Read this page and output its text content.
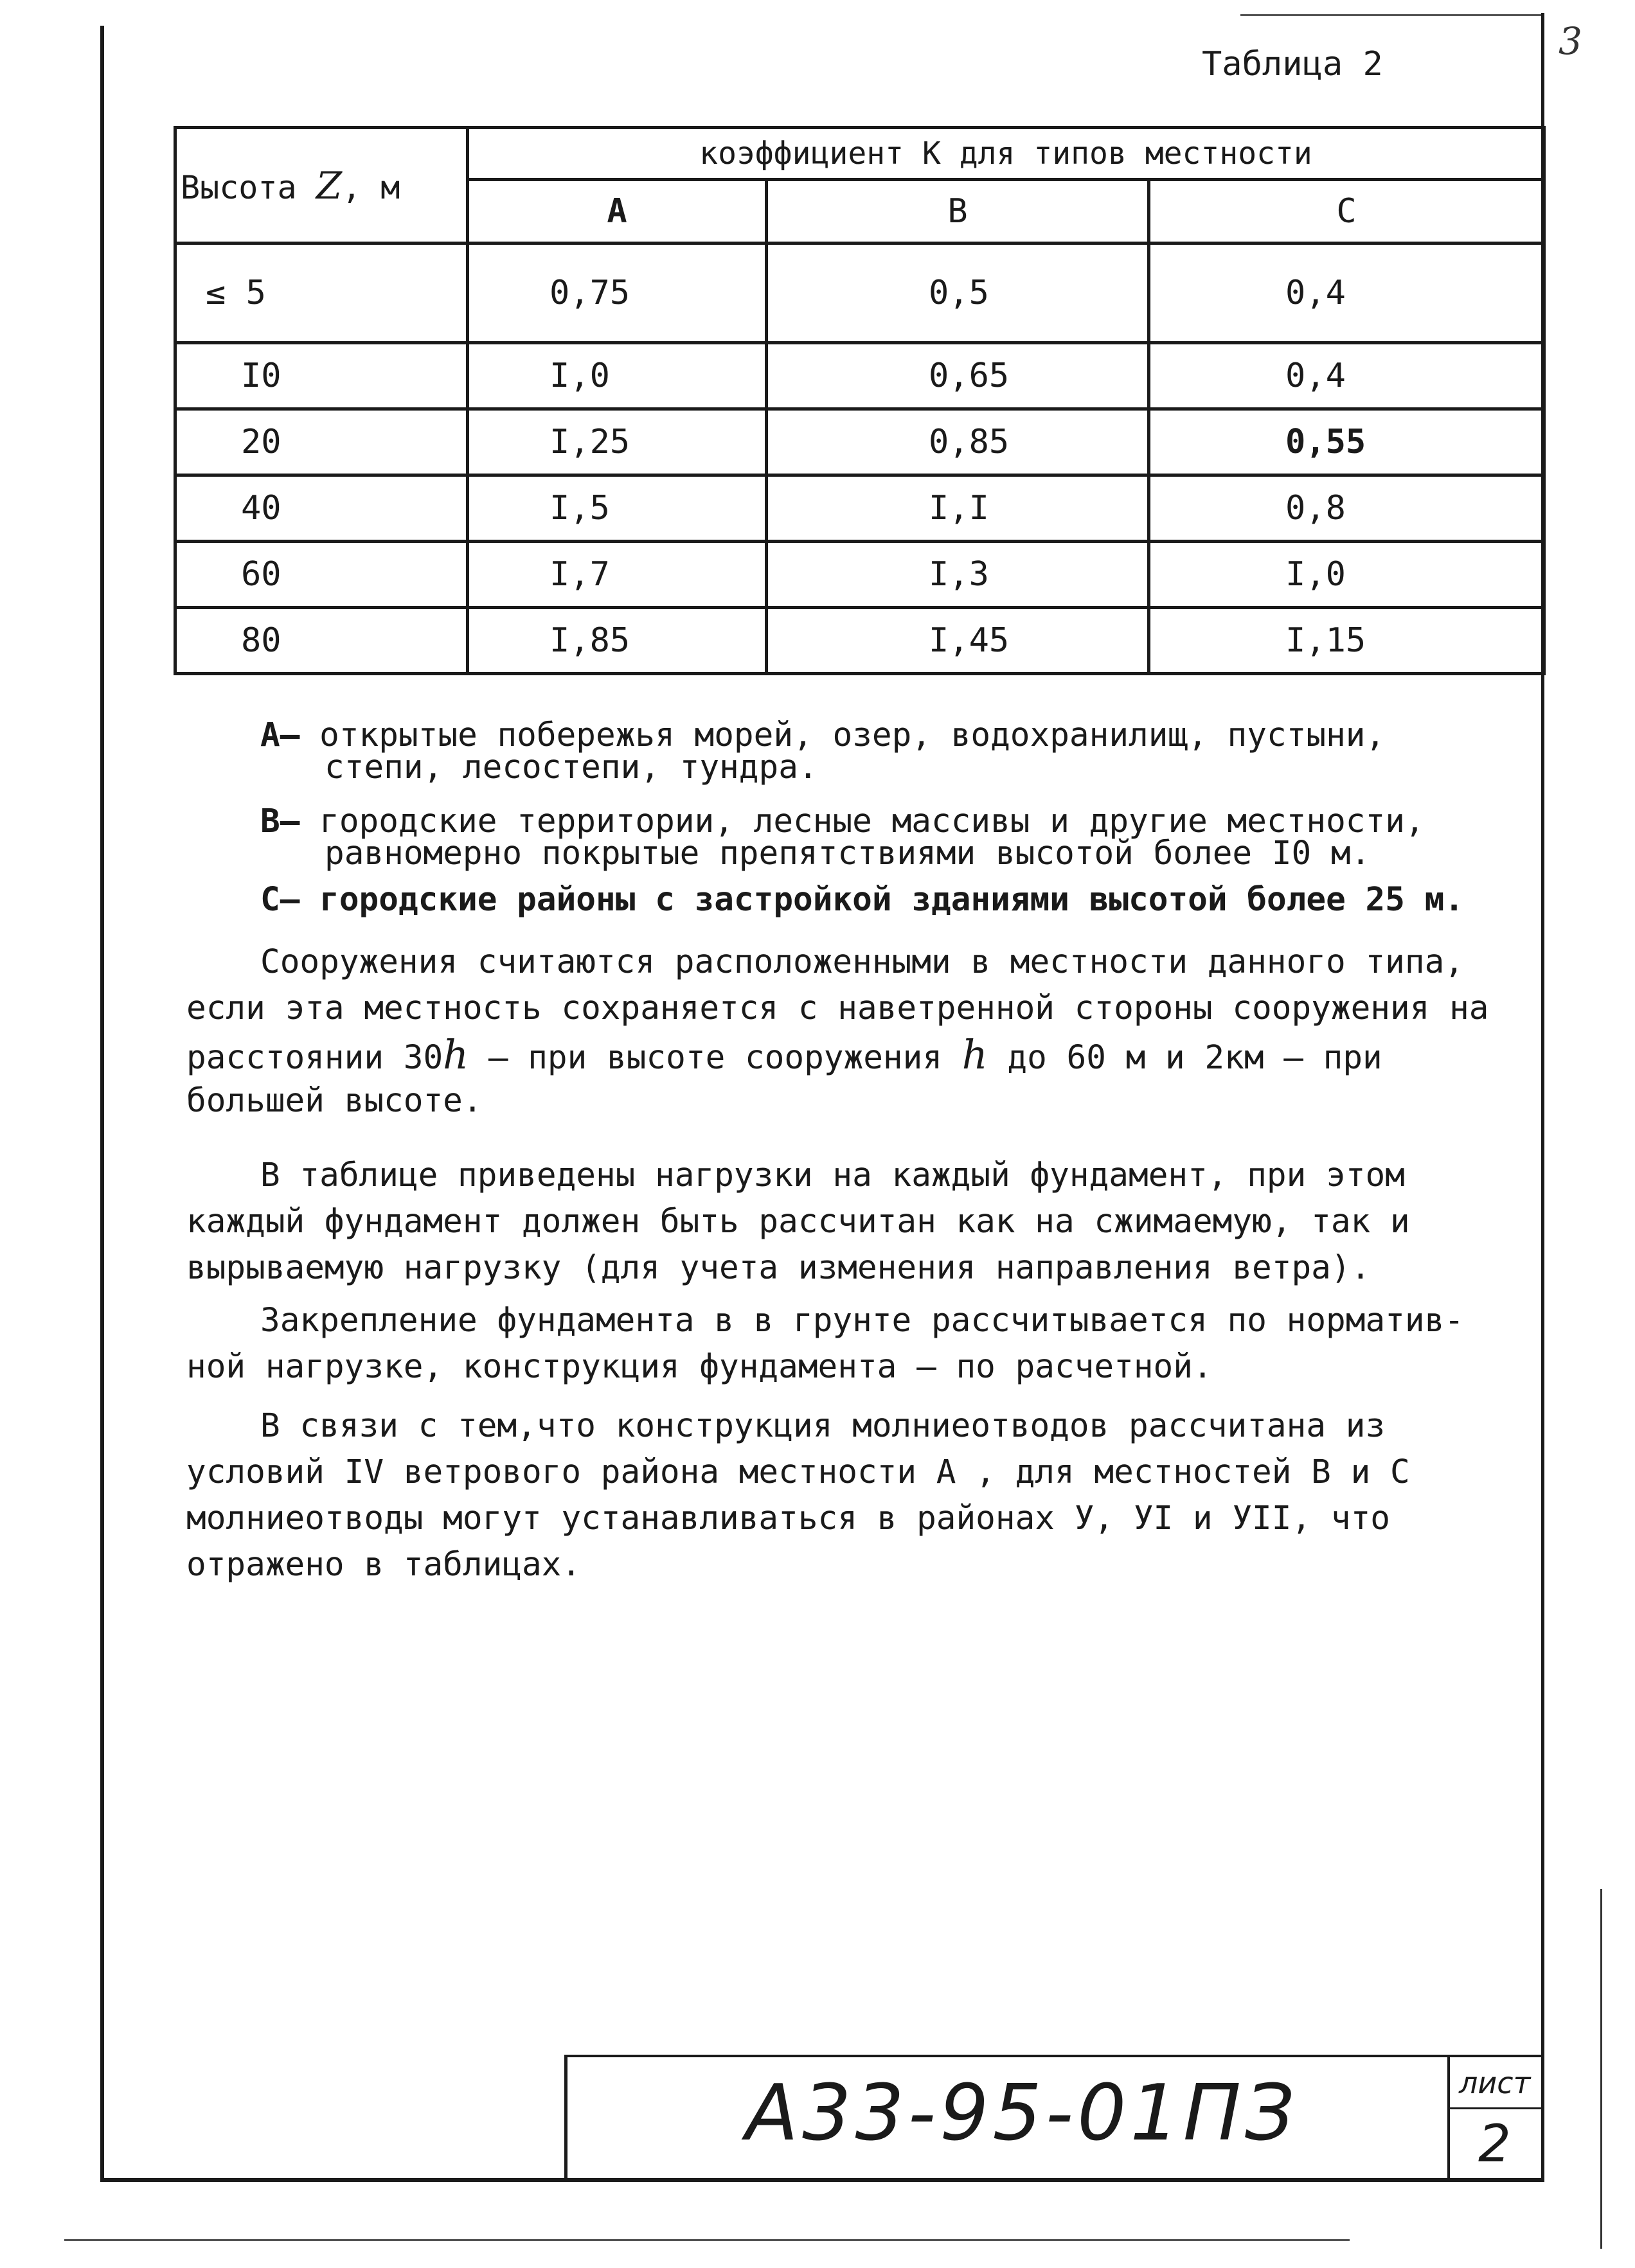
3
Таблица 2
Высота Z, м	коэффициент K для типов местности		
	A	B	C
≤ 5	0,75	0,5	0,4
I0	I,0	0,65	0,4
20	I,25	0,85	0,55
40	I,5	I,I	0,8
60	I,7	I,3	I,0
80	I,85	I,45	I,15
A– открытые побережья морей, озер, водохранилищ, пустыни,
степи, лесостепи, тундра.
B– городские территории, лесные массивы и другие местности,
равномерно покрытые препятствиями высотой более I0 м.
C– городские районы с застройкой зданиями высотой более 25 м.
Сооружения считаются расположенными в местности данного типа,
если эта местность сохраняется с наветренной стороны сооружения на
расстоянии 30h – при высоте сооружения h до 60 м и 2км – при
большей высоте.
В таблице приведены нагрузки на каждый фундамент, при этом
каждый фундамент должен быть рассчитан как на сжимаемую, так и
вырываемую нагрузку (для учета изменения направления ветра).
Закрепление фундамента в в грунте рассчитывается по норматив-
ной нагрузке, конструкция фундамента – по расчетной.
В связи с тем,что конструкция молниеотводов рассчитана из
условий IV ветрового района местности А , для местностей В и С
молниеотводы могут устанавливаться в районах У, УI и УII, что
отражено в таблицах.
А33-95-01ПЗ	лист
2
